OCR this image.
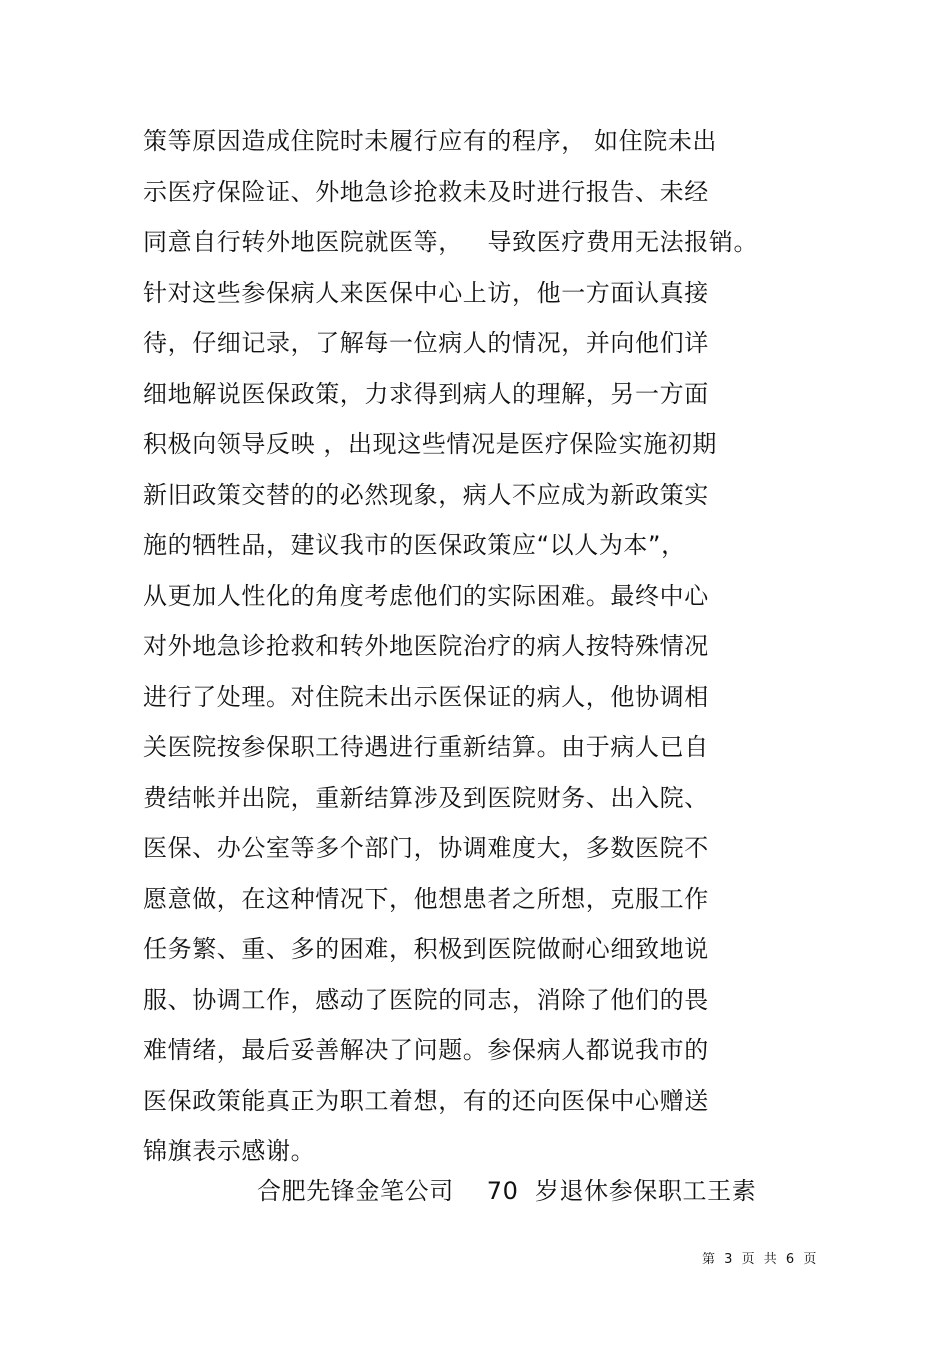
策等原因造成住院时未履行应有的程序， 如住院未出
示医疗保险证、外地急诊抢救未及时进行报告、未经
同意自行转外地医院就医等，   导致医疗费用无法报销。
针对这些参保病人来医保中心上访，他一方面认真接
待，仔细记录，了解每一位病人的情况，并向他们详
细地解说医保政策，力求得到病人的理解，另一方面
积极向领导反映 ，出现这些情况是医疗保险实施初期
新旧政策交替的的必然现象，病人不应成为新政策实
施的牺牲品，建议我市的医保政策应“以人为本”，
从更加人性化的角度考虑他们的实际困难。最终中心
对外地急诊抢救和转外地医院治疗的病人按特殊情况
进行了处理。对住院未出示医保证的病人，他协调相
关医院按参保职工待遇进行重新结算。由于病人已自
费结帐并出院，重新结算涉及到医院财务、出入院、
医保、办公室等多个部门，协调难度大，多数医院不
愿意做，在这种情况下，他想患者之所想，克服工作
任务繁、重、多的困难，积极到医院做耐心细致地说
服、协调工作，感动了医院的同志，消除了他们的畏
难情绪，最后妥善解决了问题。参保病人都说我市的
医保政策能真正为职工着想，有的还向医保中心赠送
锦旗表示感谢。
合肥先锋金笔公司    70  岁退休参保职工王素
第  3  页  共  6  页
